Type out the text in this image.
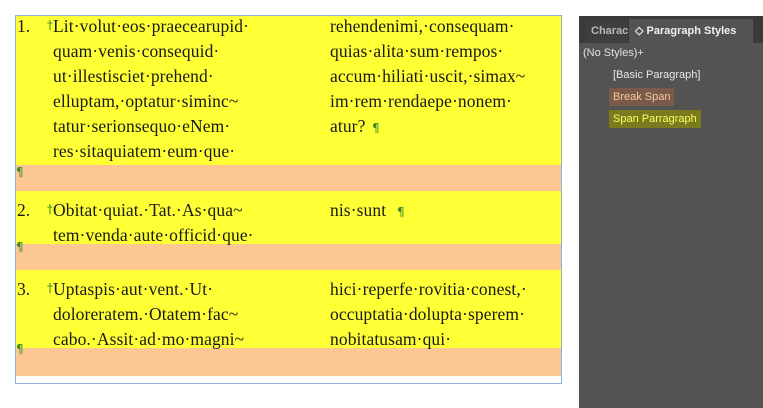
1. † Lit·volut·eos·praecearupid·
quam·venis·consequid·
ut·illestisciet·prehend·
elluptam,·optatur·siminc~
tatur·serionsequo·eNem·
res·sitaquiatem·eum·que·
rehendenimi,·consequam·
quias·alita·sum·rempos·
accum·hiliati·uscit,·simax~
im·rem·rendaepe·nonem·
atur? ¶
¶
2. † Obitat·quiat.·Tat.·As·qua~
tem·venda·aute·officid·que·
nis·sunt ¶
¶
3. † Uptaspis·aut·vent.·Ut·
doloreratem.·Otatem·fac~
cabo.·Assit·ad·mo·magni~
hici·reperfe·rovitia·conest,·
occuptatia·dolupta·sperem·
nobitatusam·qui·
¶
Charac ◇ Paragraph Styles
(No Styles)+
[Basic Paragraph]
Break Span
Span Parragraph
